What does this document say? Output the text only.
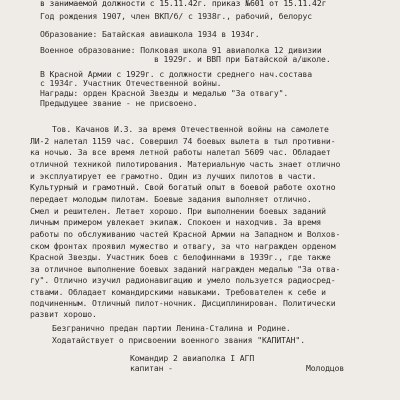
в занимаемой должности с 15.11.42г. приказ №601 от 15.11.42г
Год рождения 1907, член ВКП/б/ с 1938г., рабочий, белорус
Образование: Батайская авиашкола 1934 в 1934г.
Военное образование: Полковая школа 91 авиаполка 12 дивизии
в 1929г. и ВВП при Батайской а/школе.
В Красной Армии с 1929г. с должности среднего нач.состава
с 1934г. Участник Отечественной войны.
Награды: орден Красной Звезды и медалью "За отвагу".
Предыдущее звание - не присвоено.
Тов. Качанов И.З. за время Отечественной войны на самолете
ЛИ-2 налетал 1159 час. Совершил 74 боевых вылета в тыл противни-
ка ночью. За все время летной работы налетал 5609 час. Обладает
отличной техникой пилотирования. Материальную часть знает отлично
и эксплуатирует ее грамотно. Один из лучших пилотов в части.
Культурный и грамотный. Свой богатый опыт в боевой работе охотно
передает молодым пилотам. Боевые задания выполняет отлично.
Смел и решителен. Летает хорошо. При выполнении боевых заданий
личным примером увлекает экипаж. Спокоен и находчив. За время
работы по обслуживанию частей Красной Армии на Западном и Волхов-
ском фронтах проявил мужество и отвагу, за что награжден орденом
Красной Звезды. Участник боев с белофиннами в 1939г., где также
за отличное выполнение боевых заданий награжден медалью "За отва-
гу". Отлично изучил радионавигацию и умело пользуется радиосред-
ствами. Обладает командирскими навыками. Требователен к себе и
подчиненным. Отличный пилот-ночник. Дисциплинирован. Политически
развит хорошо.
Безгранично предан партии Ленина-Сталина и Родине.
Ходатайствует о присвоении военного звания "КАПИТАН".
Командир 2 авиаполка I АГП
капитан -	Молодцов
